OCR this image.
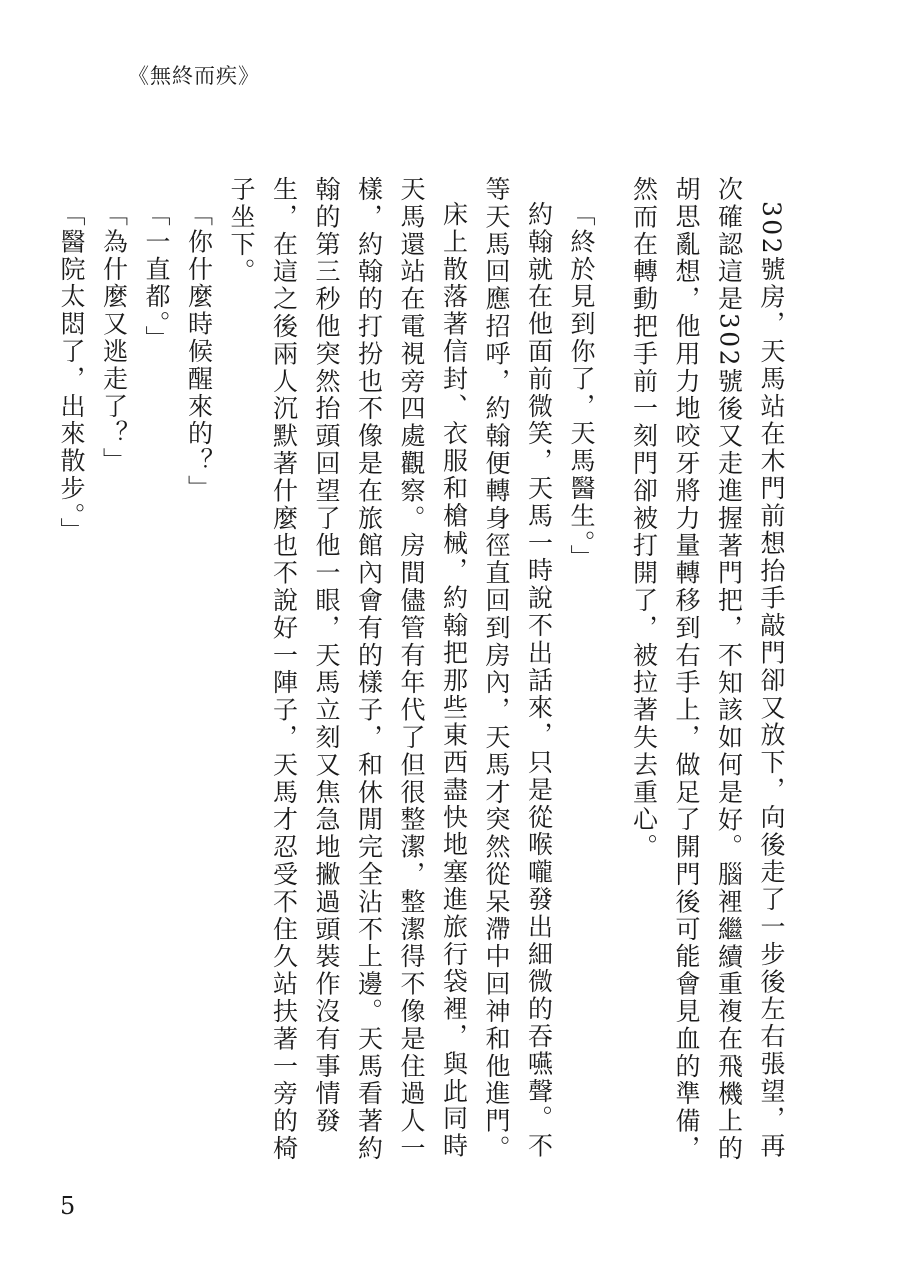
《無終而疾》

302號房，天馬站在木門前想抬手敲門卻又放下，向後走了一步後左右張望，再次確認這是302號後又走進握著門把，不知該如何是好。腦裡繼續重複在飛機上的胡思亂想，他用力地咬牙將力量轉移到右手上，做足了開門後可能會見血的準備，然而在轉動把手前一刻門卻被打開了，被拉著失去重心。

「終於見到你了，天馬醫生。」

約翰就在他面前微笑，天馬一時說不出話來，只是從喉嚨發出細微的吞嚥聲。不等天馬回應招呼，約翰便轉身徑直回到房內，天馬才突然從呆滯中回神和他進門。

床上散落著信封、衣服和槍械，約翰把那些東西盡快地塞進旅行袋裡，與此同時天馬還站在電視旁四處觀察。房間儘管有年代了但很整潔，整潔得不像是住過人一樣，約翰的打扮也不像是在旅館內會有的樣子，和休閒完全沾不上邊。天馬看著約翰的第三秒他突然抬頭回望了他一眼，天馬立刻又焦急地撇過頭裝作沒有事情發生，在這之後兩人沉默著什麼也不說好一陣子，天馬才忍受不住久站扶著一旁的椅子坐下。

「你什麼時候醒來的？」

「一直都。」

「為什麼又逃走了？」

「醫院太悶了，出來散步。」

5
